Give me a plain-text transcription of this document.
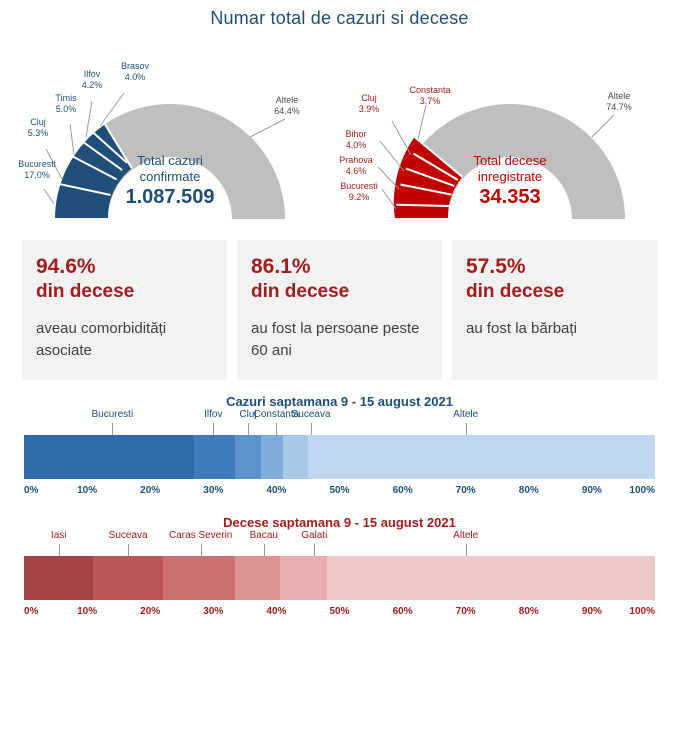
Numar total de cazuri si decese
Bucuresti
17.0%
Cluj
5.3%
Timis
5.0%
Ilfov
4.2%
Brasov
4.0%
Altele
64.4%
Total cazuri
confirmate
1.087.509	Bucuresti
9.2%
Prahova
4.6%
Bihor
4.0%
Cluj
3.9%
Constanta
3.7%	Altele
74.7%
Total decese
inregistrate
34.353
94.6%
din decese
aveau comorbidități asociate
86.1%
din decese
au fost la persoane peste 60 ani
57.5%
din decese
au fost la bărbați
Cazuri saptamana 9 - 15 august 2021
Bucuresti	Ilfov Cluj
Constanta
Suceava	Altele
0%	10%	20%	30%	40%	50%	60%	70%	80%	90%	100%
Decese saptamana 9 - 15 august 2021
Iasi	Suceava Caras Severin Bacau Galati	Altele
0%	10%	20%	30%	40%	50%	60%	70%	80%	90%	100%
